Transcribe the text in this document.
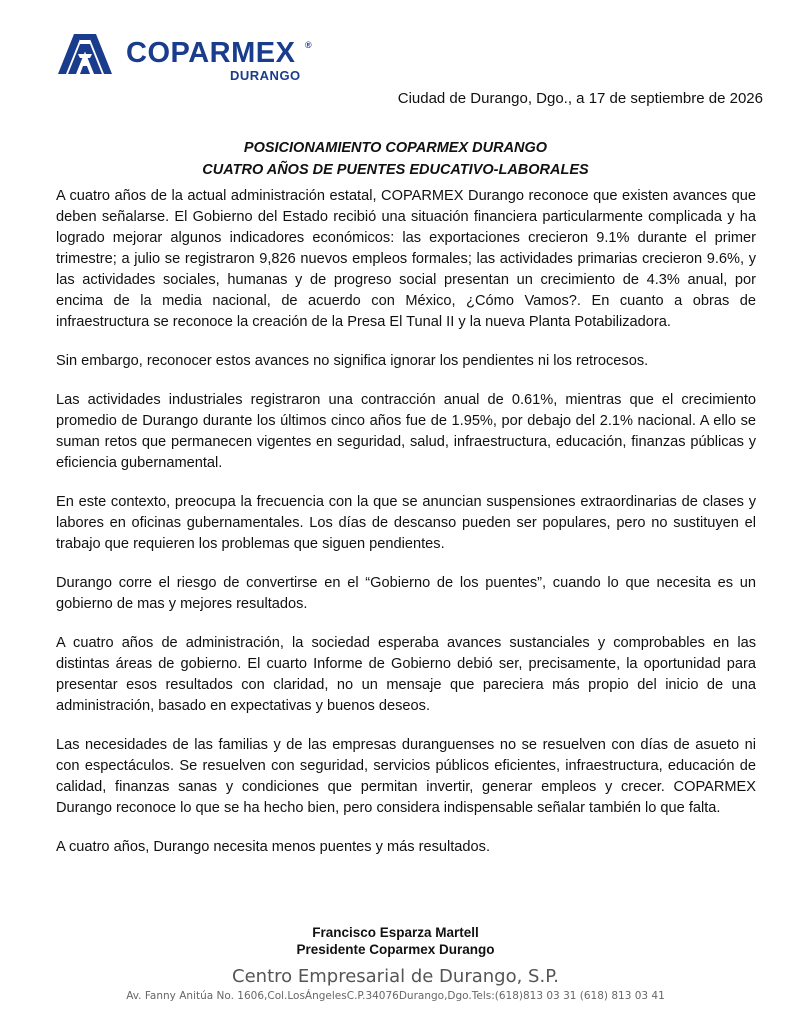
COPARMEX ®
DURANGO
Ciudad de Durango, Dgo., a 17 de septiembre de 2026
POSICIONAMIENTO COPARMEX DURANGO
CUATRO AÑOS DE PUENTES EDUCATIVO-LABORALES

A cuatro años de la actual administración estatal, COPARMEX Durango reconoce que existen avances que deben señalarse. El Gobierno del Estado recibió una situación financiera particularmente complicada y ha logrado mejorar algunos indicadores económicos: las exportaciones crecieron 9.1% durante el primer trimestre; a julio se registraron 9,826 nuevos empleos formales; las actividades primarias crecieron 9.6%, y las actividades sociales, humanas y de progreso social presentan un crecimiento de 4.3% anual, por encima de la media nacional, de acuerdo con México, ¿Cómo Vamos?. En cuanto a obras de infraestructura se reconoce la creación de la Presa El Tunal II y la nueva Planta Potabilizadora.

Sin embargo, reconocer estos avances no significa ignorar los pendientes ni los retrocesos.

Las actividades industriales registraron una contracción anual de 0.61%, mientras que el crecimiento promedio de Durango durante los últimos cinco años fue de 1.95%, por debajo del 2.1% nacional. A ello se suman retos que permanecen vigentes en seguridad, salud, infraestructura, educación, finanzas públicas y eficiencia gubernamental.

En este contexto, preocupa la frecuencia con la que se anuncian suspensiones extraordinarias de clases y labores en oficinas gubernamentales. Los días de descanso pueden ser populares, pero no sustituyen el trabajo que requieren los problemas que siguen pendientes.

Durango corre el riesgo de convertirse en el “Gobierno de los puentes”, cuando lo que necesita es un gobierno de mas y mejores resultados.

A cuatro años de administración, la sociedad esperaba avances sustanciales y comprobables en las distintas áreas de gobierno. El cuarto Informe de Gobierno debió ser, precisamente, la oportunidad para presentar esos resultados con claridad, no un mensaje que pareciera más propio del inicio de una administración, basado en expectativas y buenos deseos.

Las necesidades de las familias y de las empresas duranguenses no se resuelven con días de asueto ni con espectáculos. Se resuelven con seguridad, servicios públicos eficientes, infraestructura, educación de calidad, finanzas sanas y condiciones que permitan invertir, generar empleos y crecer. COPARMEX Durango reconoce lo que se ha hecho bien, pero considera indispensable señalar también lo que falta.

A cuatro años, Durango necesita menos puentes y más resultados.

Francisco Esparza Martell
Presidente Coparmex Durango
Centro Empresarial de Durango, S.P.
Av. Fanny Anitúa No. 1606,Col.LosÁngelesC.P.34076Durango,Dgo.Tels:(618)813 03 31 (618) 813 03 41
